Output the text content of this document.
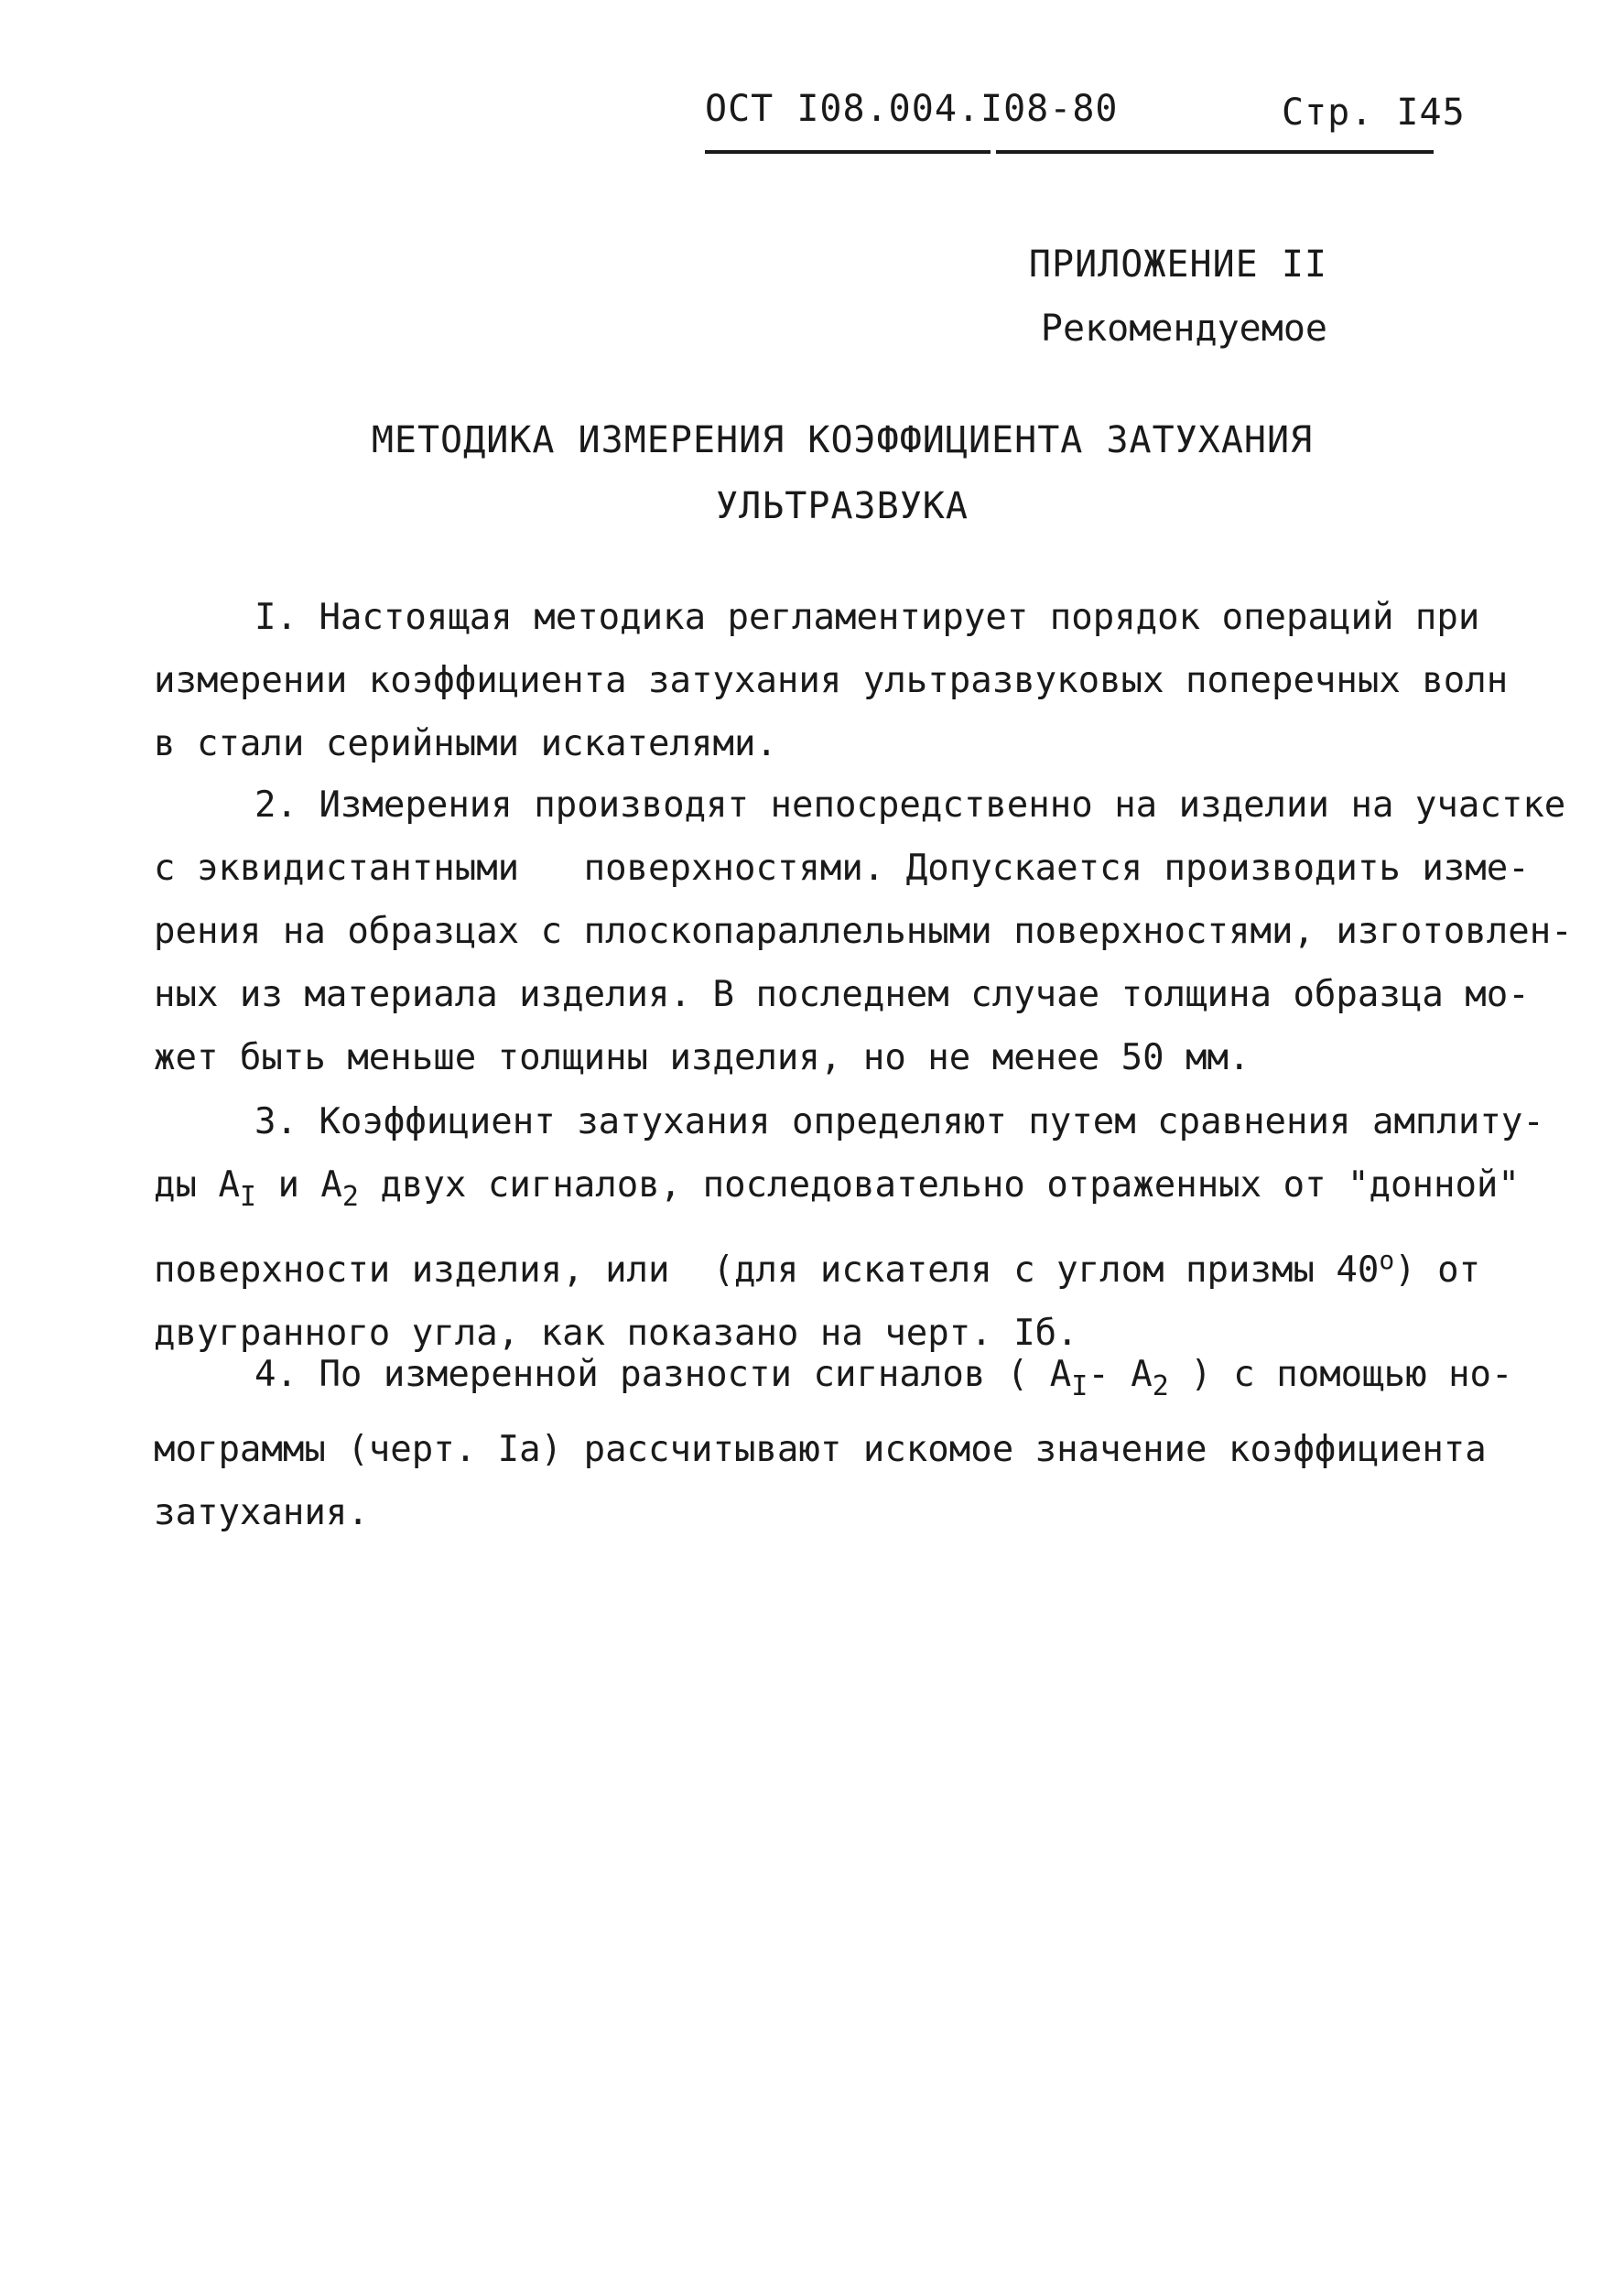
ОСТ I08.004.I08-80	Стр. I45
ПРИЛОЖЕНИЕ II
Рекомендуемое
МЕТОДИКА ИЗМЕРЕНИЯ КОЭФФИЦИЕНТА ЗАТУХАНИЯ
УЛЬТРАЗВУКА
I. Настоящая методика регламентирует порядок операций при
измерении коэффициента затухания ультразвуковых поперечных волн
в стали серийными искателями.
2. Измерения производят непосредственно на изделии на участке
с эквидистантными   поверхностями. Допускается производить изме-
рения на образцах с плоскопараллельными поверхностями, изготовлен-
ных из материала изделия. В последнем случае толщина образца мо-
жет быть меньше толщины изделия, но не менее 50 мм.
3. Коэффициент затухания определяют путем сравнения амплиту-
ды $A_I$ и $A_2$ двух сигналов, последовательно отраженных от "донной"
поверхности изделия, или  (для искателя с углом призмы $40^о$) от
двугранного угла, как показано на черт. Iб.
4. По измеренной разности сигналов ( $A_I-$ $A_2$ ) с помощью но-
мограммы (черт. Iа) рассчитывают искомое значение коэффициента
затухания.
